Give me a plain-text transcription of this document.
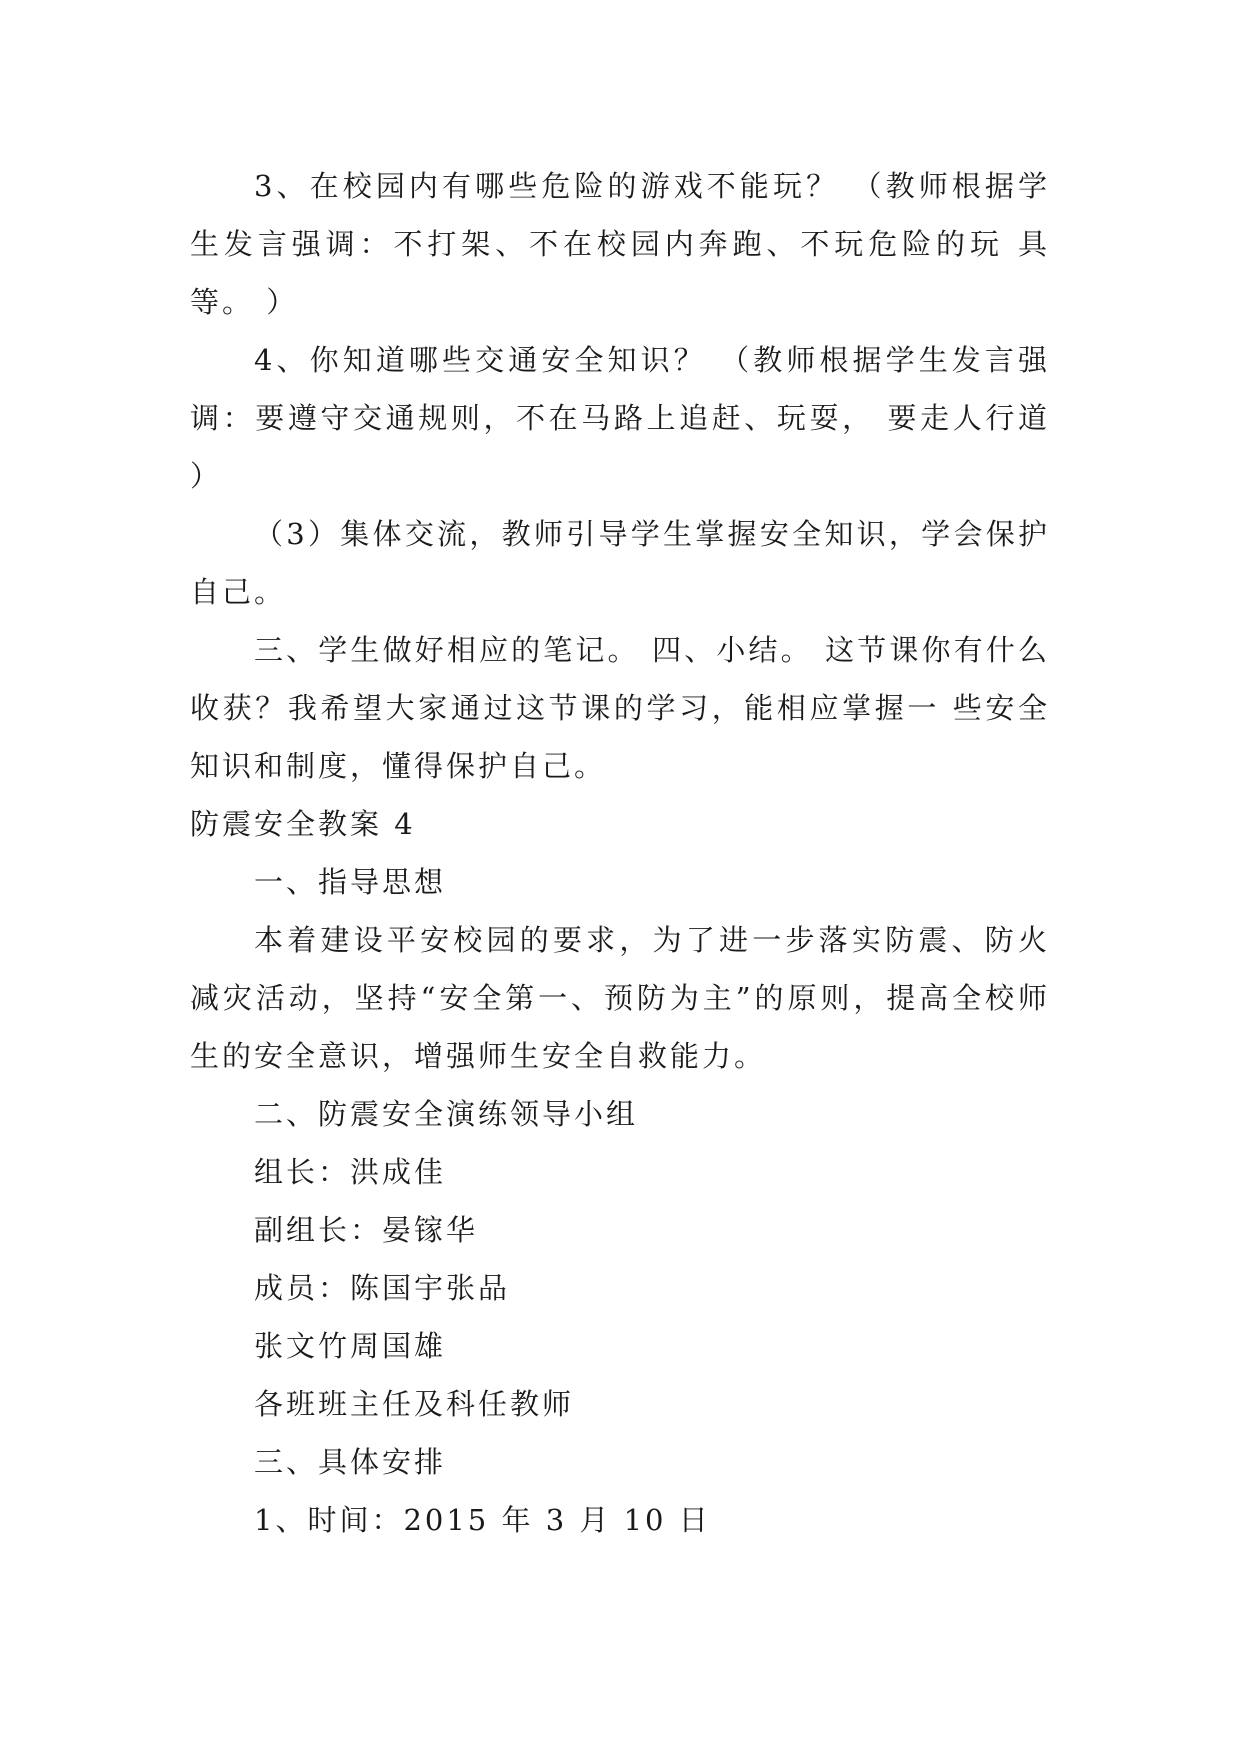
3、在校园内有哪些危险的游戏不能玩？ （教师根据学生发言强调：不打架、不在校园内奔跑、不玩危险的玩 具等。 ）

4、你知道哪些交通安全知识？ （教师根据学生发言强调：要遵守交通规则，不在马路上追赶、玩耍， 要走人行道 ）

（3）集体交流，教师引导学生掌握安全知识，学会保护自己。

三、学生做好相应的笔记。 四、小结。 这节课你有什么收获？我希望大家通过这节课的学习，能相应掌握一 些安全知识和制度，懂得保护自己。

防震安全教案 4

一、指导思想

本着建设平安校园的要求，为了进一步落实防震、防火减灾活动，坚持“安全第一、预防为主”的原则，提高全校师生的安全意识，增强师生安全自救能力。

二、防震安全演练领导小组

组长：洪成佳

副组长：晏镓华

成员：陈国宇张品

张文竹周国雄

各班班主任及科任教师

三、具体安排

1、时间：2015 年 3 月 10 日
